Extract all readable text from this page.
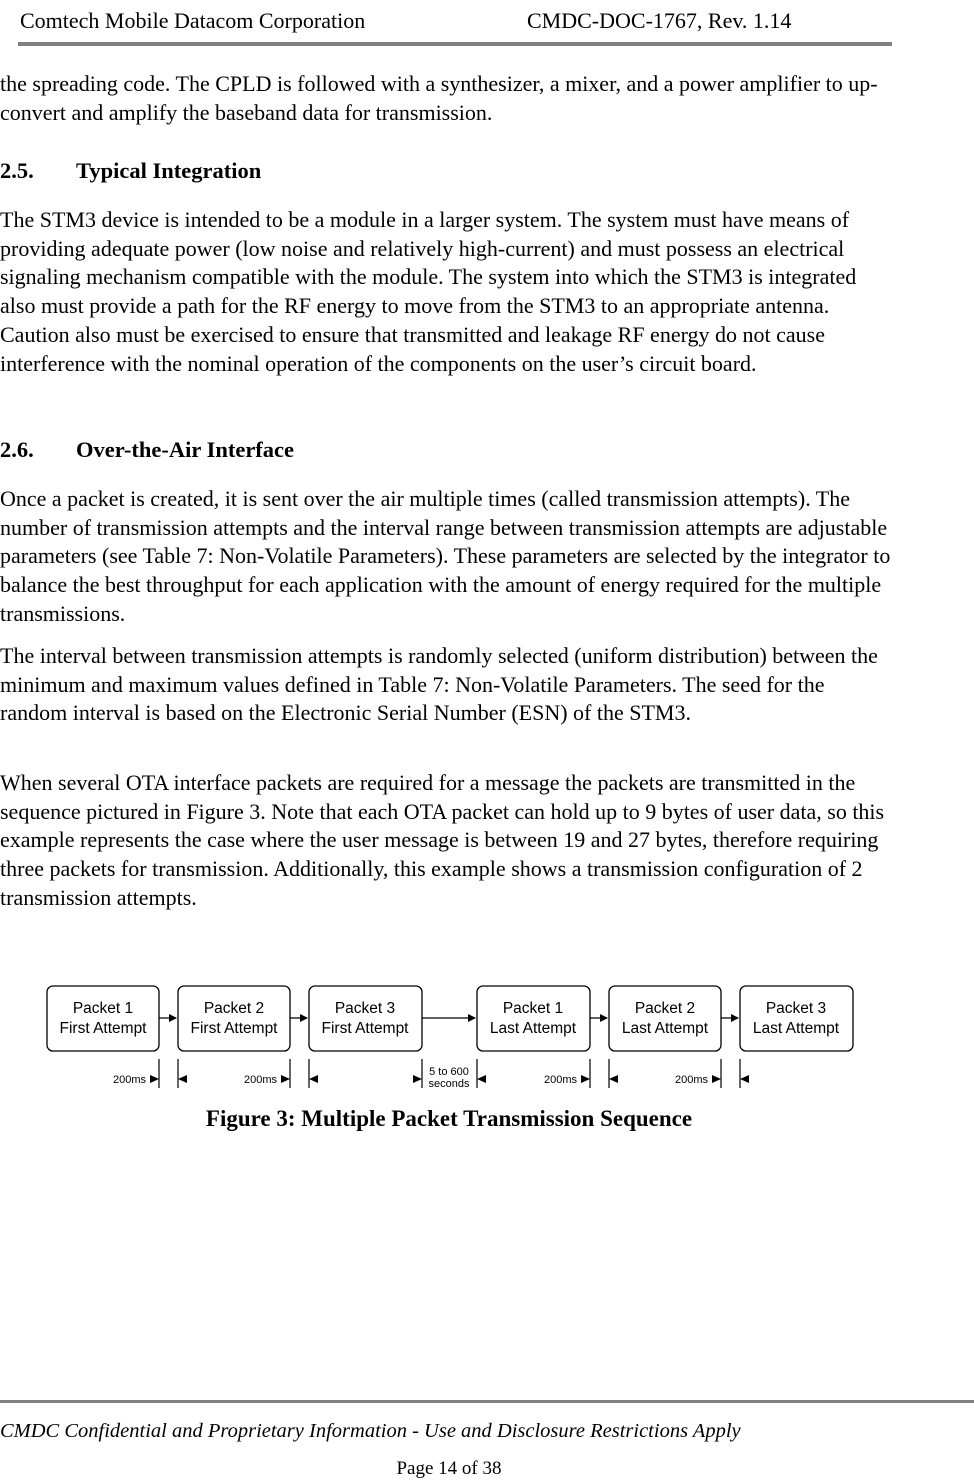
Comtech Mobile Datacom Corporation	CMDC-DOC-1767, Rev. 1.14

the spreading code. The CPLD is followed with a synthesizer, a mixer, and a power amplifier to up-convert and amplify the baseband data for transmission.

2.5. Typical Integration

The STM3 device is intended to be a module in a larger system. The system must have means of providing adequate power (low noise and relatively high-current) and must possess an electrical signaling mechanism compatible with the module. The system into which the STM3 is integrated also must provide a path for the RF energy to move from the STM3 to an appropriate antenna. Caution also must be exercised to ensure that transmitted and leakage RF energy do not cause interference with the nominal operation of the components on the user’s circuit board.

2.6. Over-the-Air Interface

Once a packet is created, it is sent over the air multiple times (called transmission attempts). The number of transmission attempts and the interval range between transmission attempts are adjustable parameters (see Table 7: Non-Volatile Parameters). These parameters are selected by the integrator to balance the best throughput for each application with the amount of energy required for the multiple transmissions.

The interval between transmission attempts is randomly selected (uniform distribution) between the minimum and maximum values defined in Table 7: Non-Volatile Parameters. The seed for the random interval is based on the Electronic Serial Number (ESN) of the STM3.

When several OTA interface packets are required for a message the packets are transmitted in the sequence pictured in Figure 3. Note that each OTA packet can hold up to 9 bytes of user data, so this example represents the case where the user message is between 19 and 27 bytes, therefore requiring three packets for transmission. Additionally, this example shows a transmission configuration of 2 transmission attempts.

Packet 1
First Attempt
Packet 2
First Attempt
Packet 3
First Attempt
Packet 1
Last Attempt
Packet 2
Last Attempt
Packet 3
Last Attempt
200ms	200ms
5 to 600
seconds	200ms	200ms
Figure 3: Multiple Packet Transmission Sequence
CMDC Confidential and Proprietary Information - Use and Disclosure Restrictions Apply
Page 14 of 38
